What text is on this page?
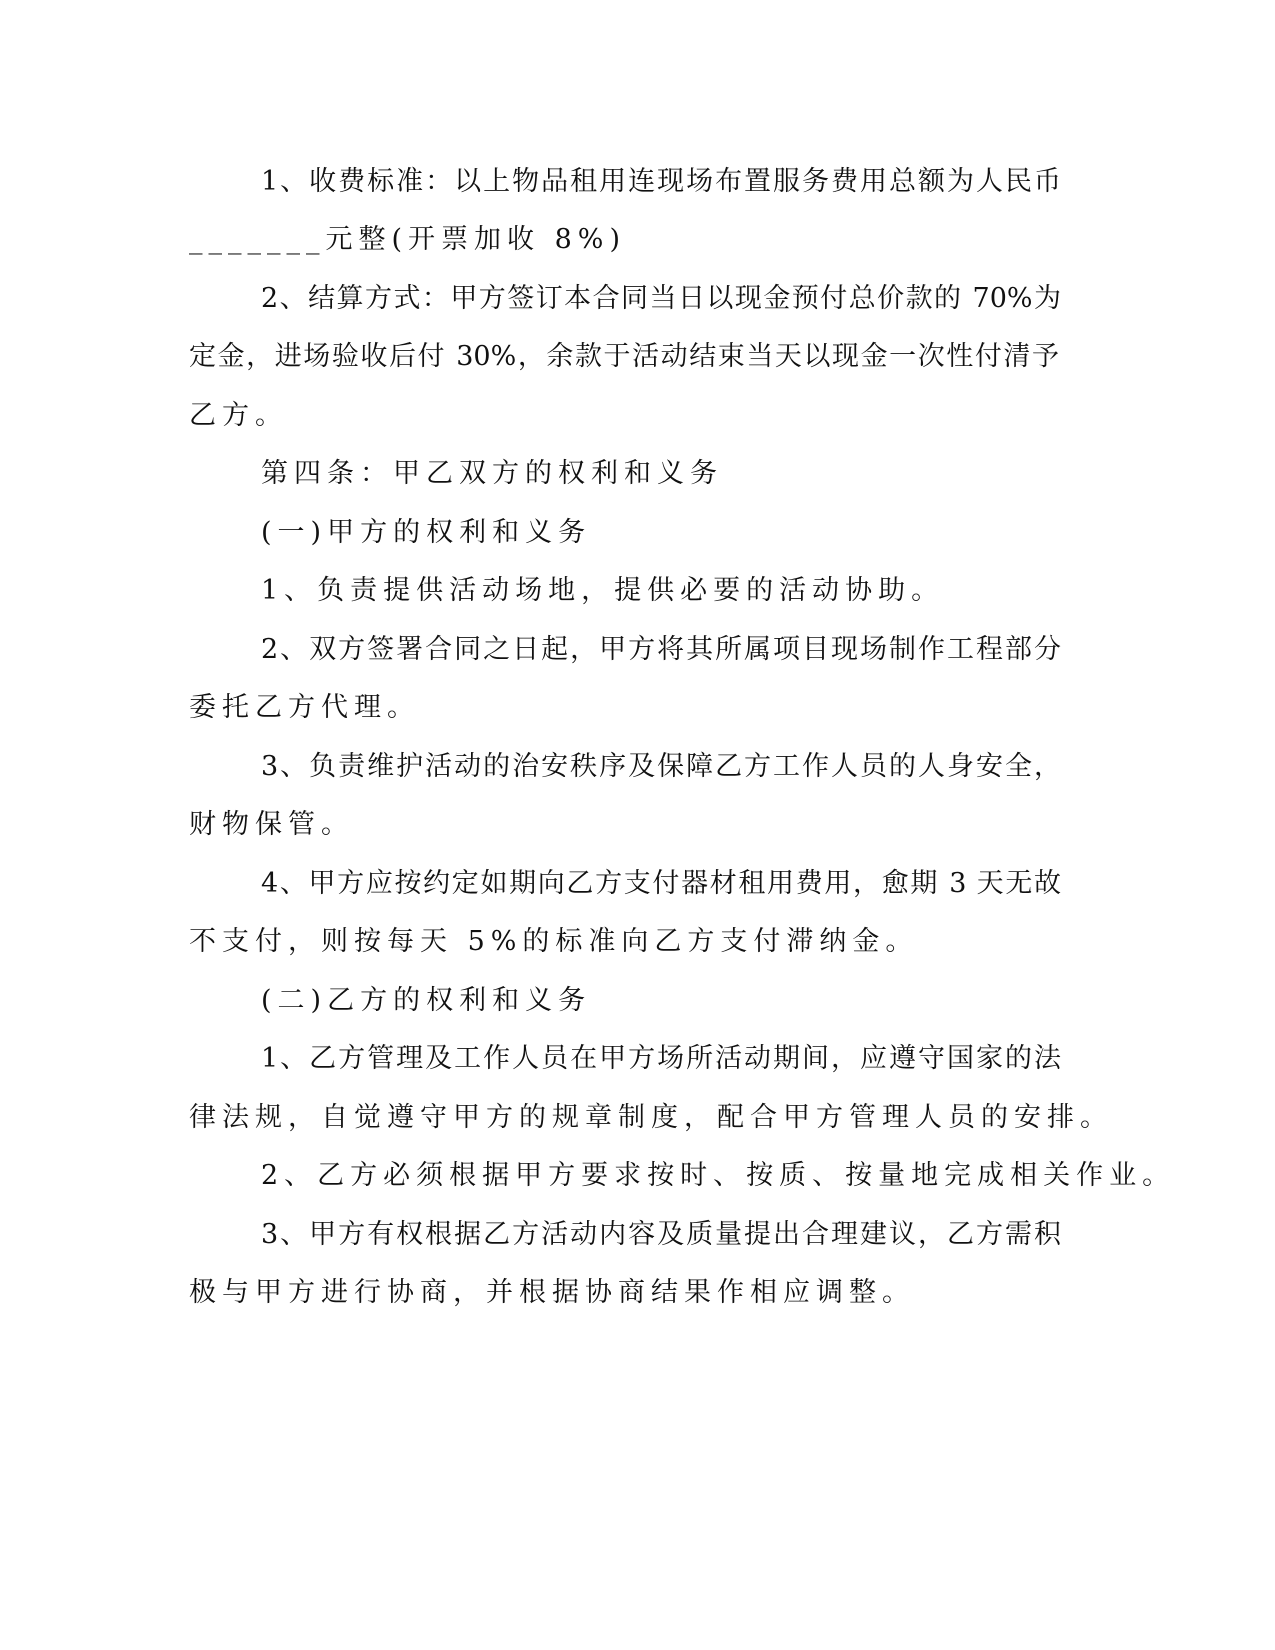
1、收费标准：以上物品租用连现场布置服务费用总额为人民币
_______元整(开票加收 8%)
2、结算方式：甲方签订本合同当日以现金预付总价款的 70%为
定金，进场验收后付 30%，余款于活动结束当天以现金一次性付清予
乙方。
第四条：甲乙双方的权利和义务
(一)甲方的权利和义务
1、负责提供活动场地，提供必要的活动协助。
2、双方签署合同之日起，甲方将其所属项目现场制作工程部分
委托乙方代理。
3、负责维护活动的治安秩序及保障乙方工作人员的人身安全，
财物保管。
4、甲方应按约定如期向乙方支付器材租用费用，愈期 3 天无故
不支付，则按每天 5%的标准向乙方支付滞纳金。
(二)乙方的权利和义务
1、乙方管理及工作人员在甲方场所活动期间，应遵守国家的法
律法规，自觉遵守甲方的规章制度，配合甲方管理人员的安排。
2、乙方必须根据甲方要求按时、按质、按量地完成相关作业。
3、甲方有权根据乙方活动内容及质量提出合理建议，乙方需积
极与甲方进行协商，并根据协商结果作相应调整。
